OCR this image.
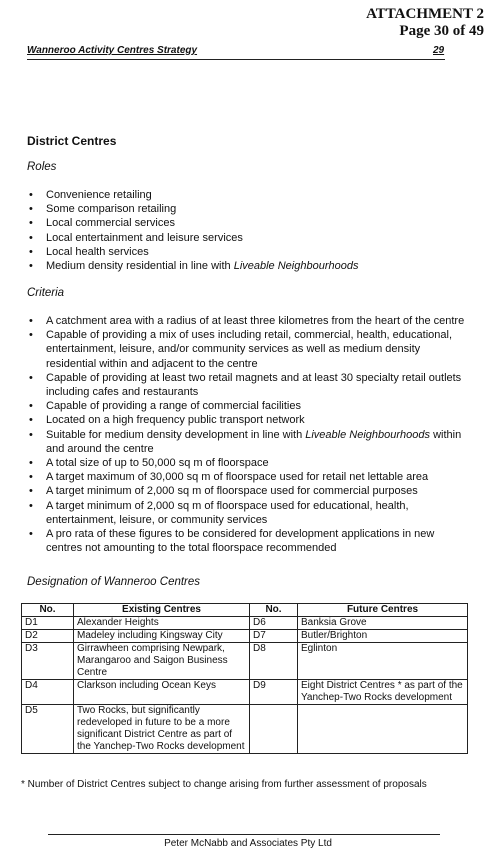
ATTACHMENT 2
Page 30 of 49
Wanneroo Activity Centres Strategy	29
District Centres
Roles
• Convenience retailing
• Some comparison retailing
• Local commercial services
• Local entertainment and leisure services
• Local health services
• Medium density residential in line with Liveable Neighbourhoods
Criteria
• A catchment area with a radius of at least three kilometres from the heart of the centre
• Capable of providing a mix of uses including retail, commercial, health, educational, entertainment, leisure, and/or community services as well as medium density residential within and adjacent to the centre
• Capable of providing at least two retail magnets and at least 30 specialty retail outlets including cafes and restaurants
• Capable of providing a range of commercial facilities
• Located on a high frequency public transport network
• Suitable for medium density development in line with Liveable Neighbourhoods within and around the centre
• A total size of up to 50,000 sq m of floorspace
• A target maximum of 30,000 sq m of floorspace used for retail net lettable area
• A target minimum of 2,000 sq m of floorspace used for commercial purposes
• A target minimum of 2,000 sq m of floorspace used for educational, health, entertainment, leisure, or community services
• A pro rata of these figures to be considered for development applications in new centres not amounting to the total floorspace recommended
Designation of Wanneroo Centres
No.	Existing Centres	No.	Future Centres
D1	Alexander Heights	D6	Banksia Grove
D2	Madeley including Kingsway City	D7	Butler/Brighton
D3	Girrawheen comprising Newpark, Marangaroo and Saigon Business Centre	D8	Eglinton
D4	Clarkson including Ocean Keys	D9	Eight District Centres * as part of the Yanchep-Two Rocks development
D5	Two Rocks, but significantly redeveloped in future to be a more significant District Centre as part of the Yanchep-Two Rocks development		
* Number of District Centres subject to change arising from further assessment of proposals
Peter McNabb and Associates Pty Ltd
